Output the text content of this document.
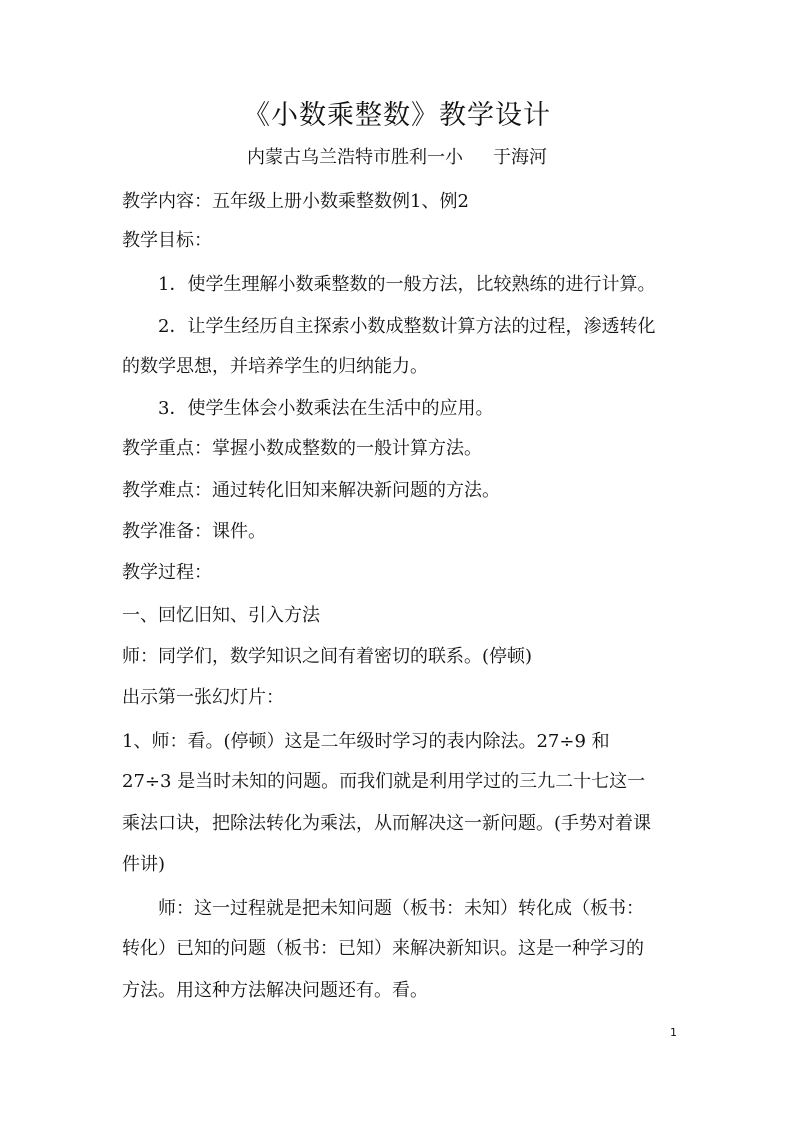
《小数乘整数》教学设计
内蒙古乌兰浩特市胜利一小 于海河
教学内容：五年级上册小数乘整数例1、例2
教学目标：
1．使学生理解小数乘整数的一般方法，比较熟练的进行计算。
2．让学生经历自主探索小数成整数计算方法的过程，渗透转化
的数学思想，并培养学生的归纳能力。
3．使学生体会小数乘法在生活中的应用。
教学重点：掌握小数成整数的一般计算方法。
教学难点：通过转化旧知来解决新问题的方法。
教学准备：课件。
教学过程：
一、回忆旧知、引入方法
师：同学们，数学知识之间有着密切的联系。(停顿)
出示第一张幻灯片：
1、师：看。(停顿）这是二年级时学习的表内除法。27÷9 和
27÷3 是当时未知的问题。而我们就是利用学过的三九二十七这一
乘法口诀，把除法转化为乘法，从而解决这一新问题。(手势对着课
件讲)
师：这一过程就是把未知问题（板书：未知）转化成（板书：
转化）已知的问题（板书：已知）来解决新知识。这是一种学习的
方法。用这种方法解决问题还有。看。
1
